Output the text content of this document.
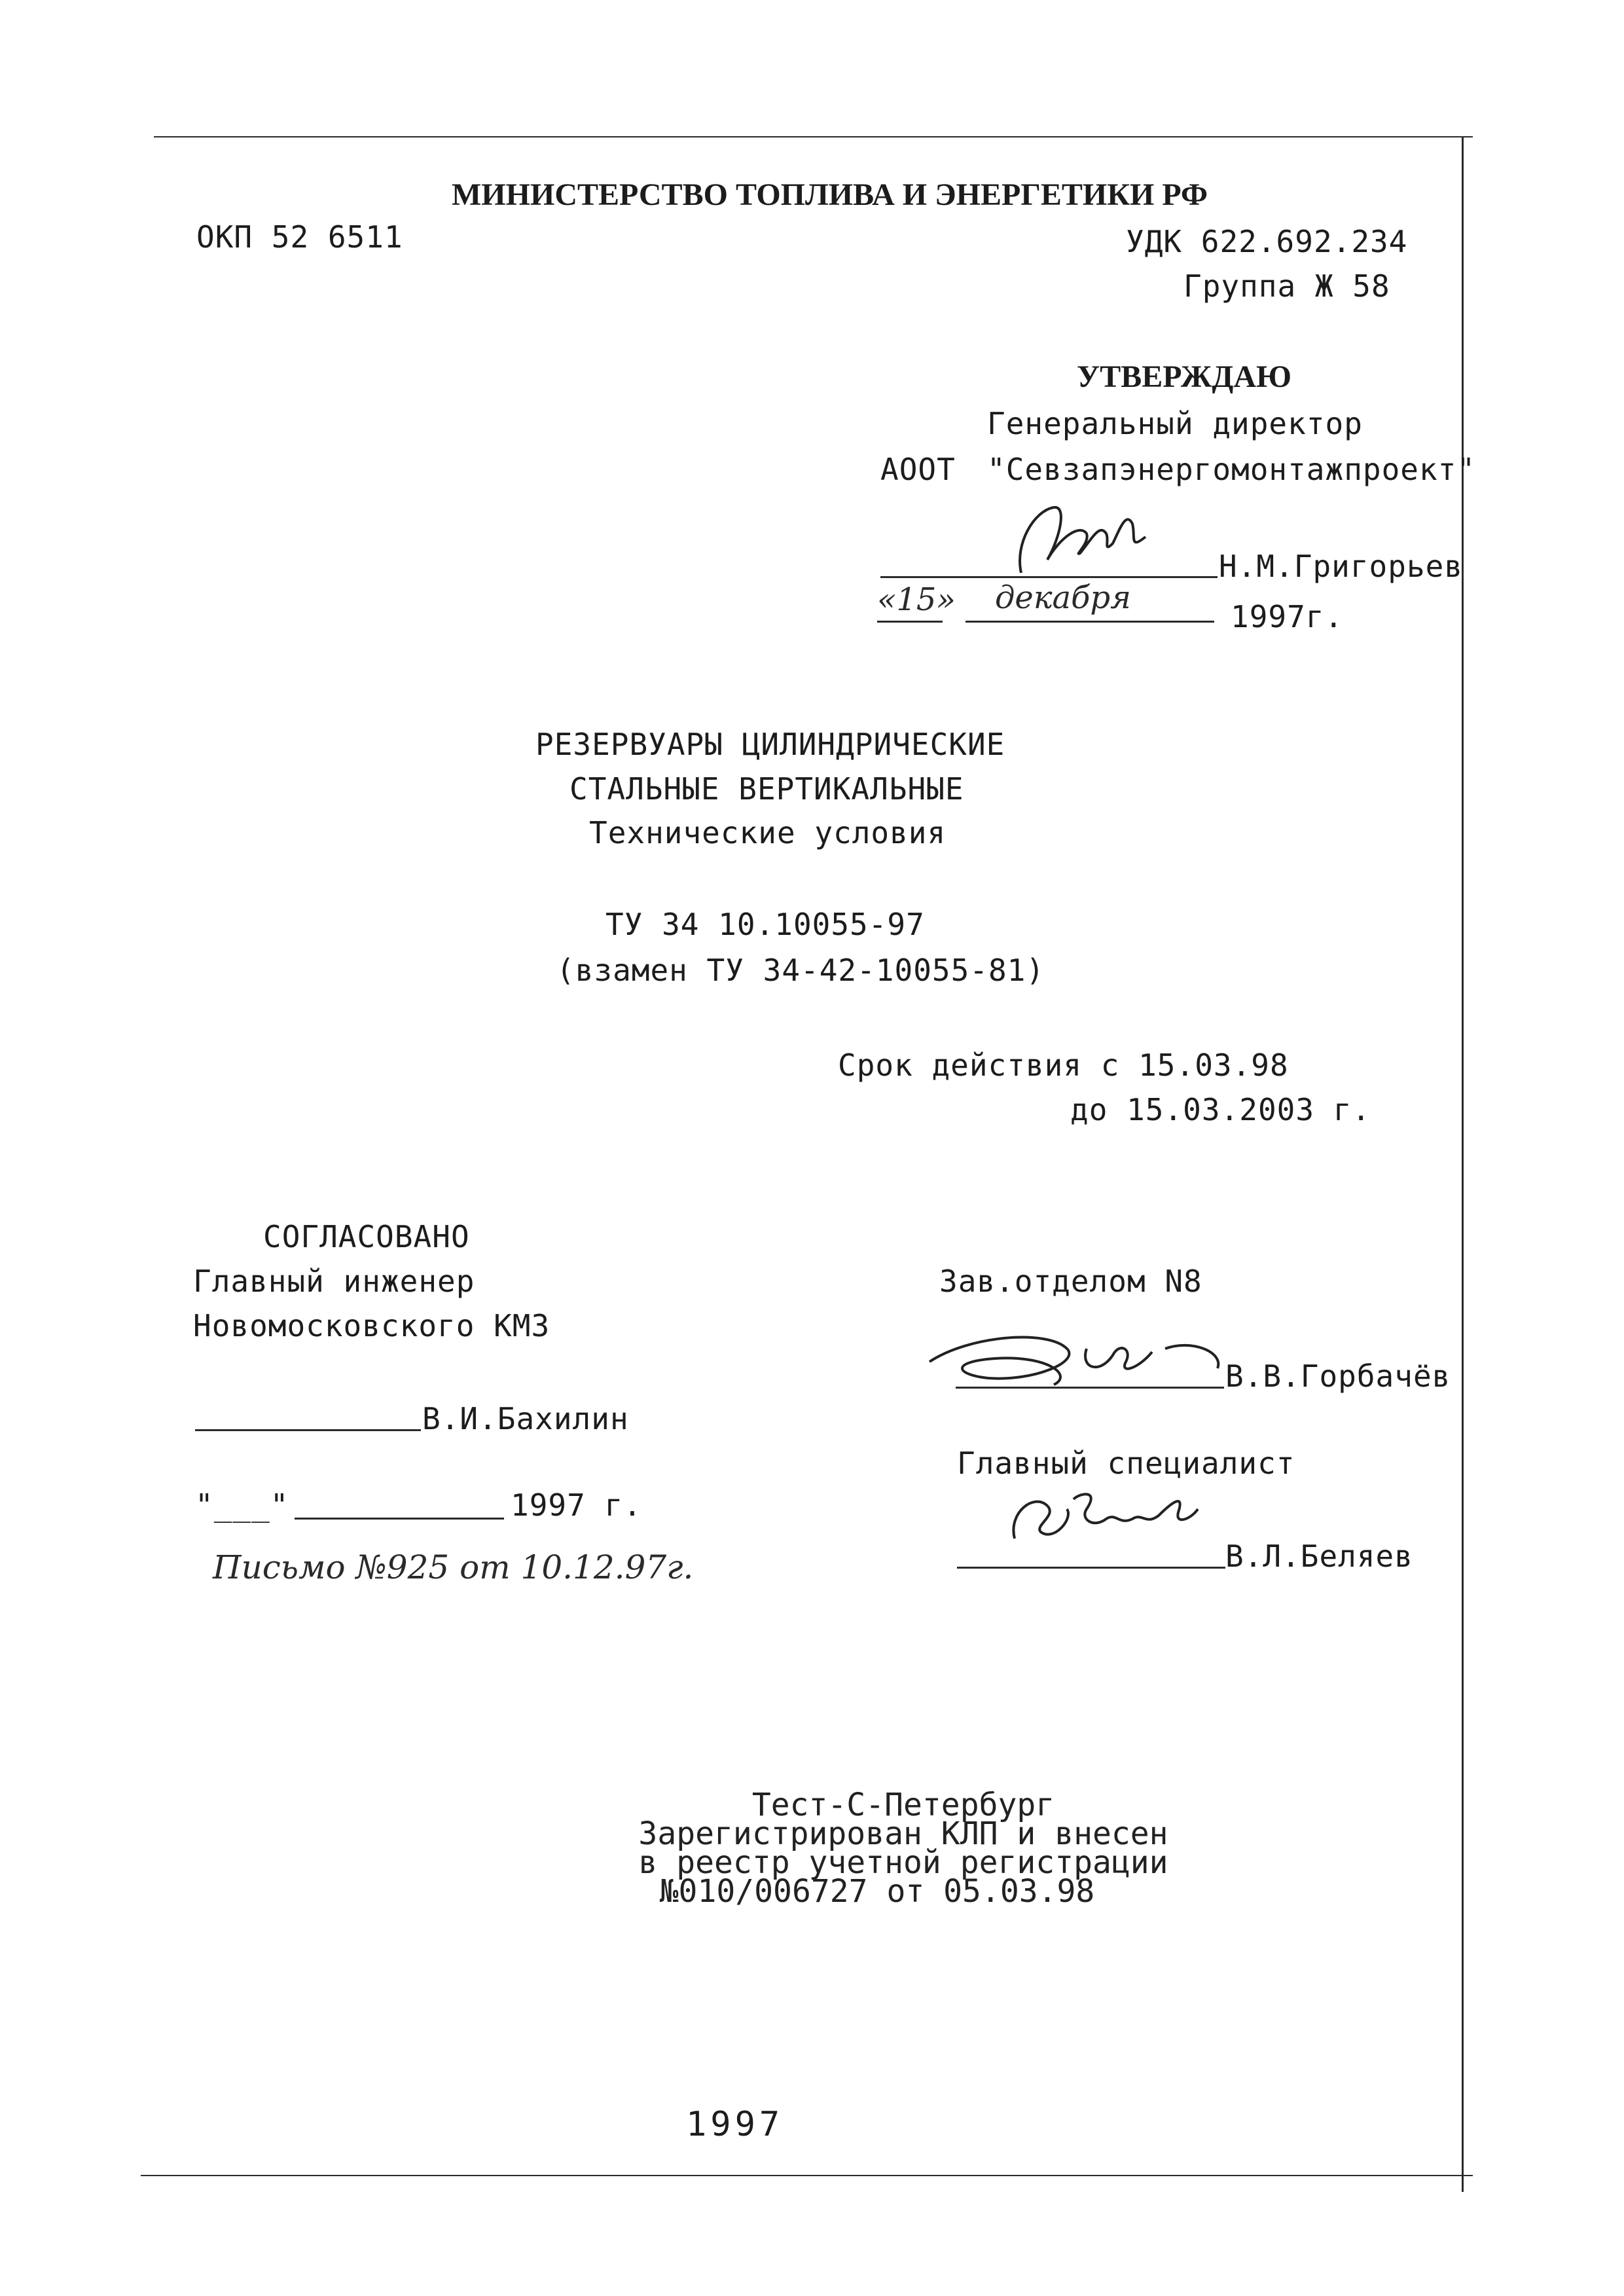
МИНИСТЕРСТВО ТОПЛИВА И ЭНЕРГЕТИКИ РФ
ОКП 52 6511	УДК 622.692.234
Группа Ж 58
УТВЕРЖДАЮ
Генеральный директор
АООТ "Севзапэнергомонтажпроект"
Н.М.Григорьев
«15» декабря
1997г.
РЕЗЕРВУАРЫ ЦИЛИНДРИЧЕСКИЕ
СТАЛЬНЫЕ ВЕРТИКАЛЬНЫЕ
Технические условия
ТУ 34 10.10055-97
(взамен ТУ 34-42-10055-81)
Срок действия с 15.03.98
до 15.03.2003 г.
СОГЛАСОВАНО
Главный инженер
Новомосковского КМЗ
В.И.Бахилин
"___"	1997 г.
Письмо №925 от 10.12.97г.
Зав.отделом N8
В.В.Горбачёв
Главный специалист
В.Л.Беляев
Тест-С-Петербург
Зарегистрирован КЛП и внесен
в реестр учетной регистрации
№010/006727 от 05.03.98
1997
